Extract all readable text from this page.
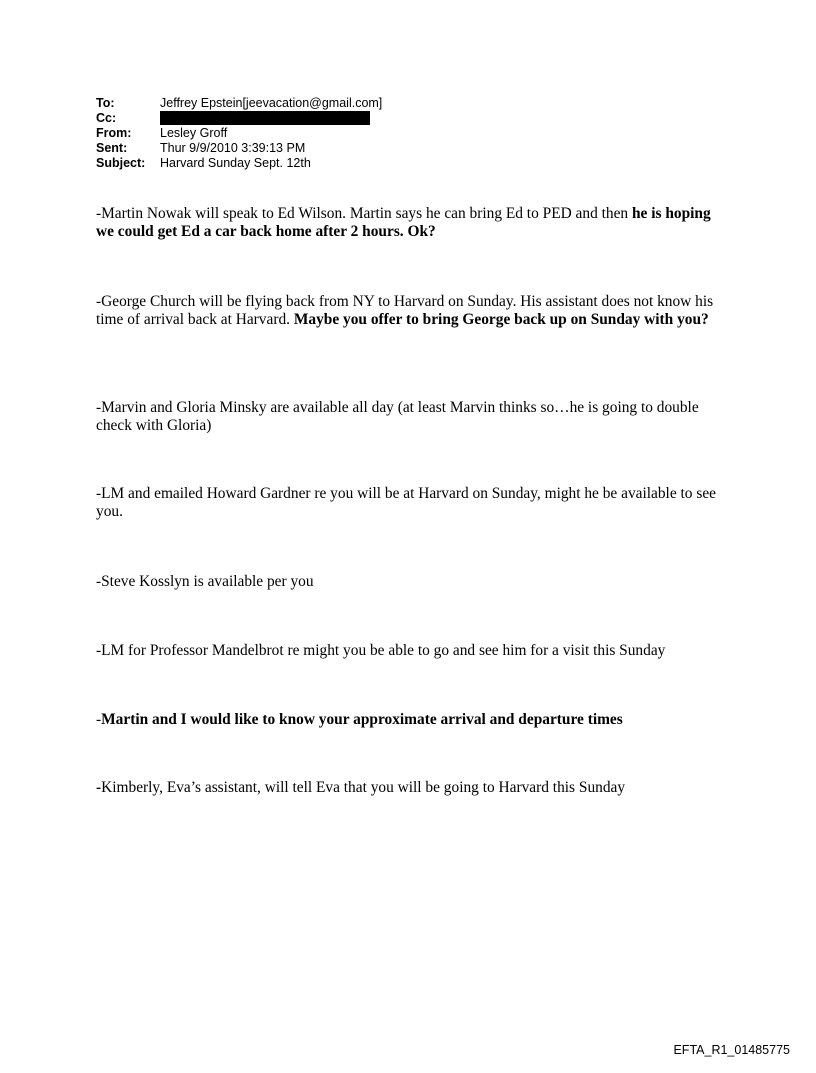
To:	Jeffrey Epstein[jeevacation@gmail.com]
Cc:
From:	Lesley Groff
Sent:	Thur 9/9/2010 3:39:13 PM
Subject:	Harvard Sunday Sept. 12th
-Martin Nowak will speak to Ed Wilson. Martin says he can bring Ed to PED and then he is hoping we could get Ed a car back home after 2 hours. Ok?
-George Church will be flying back from NY to Harvard on Sunday. His assistant does not know his time of arrival back at Harvard. Maybe you offer to bring George back up on Sunday with you?
-Marvin and Gloria Minsky are available all day (at least Marvin thinks so…he is going to double check with Gloria)
-LM and emailed Howard Gardner re you will be at Harvard on Sunday, might he be available to see you.
-Steve Kosslyn is available per you
-LM for Professor Mandelbrot re might you be able to go and see him for a visit this Sunday
-Martin and I would like to know your approximate arrival and departure times
-Kimberly, Eva’s assistant, will tell Eva that you will be going to Harvard this Sunday
EFTA_R1_01485775
